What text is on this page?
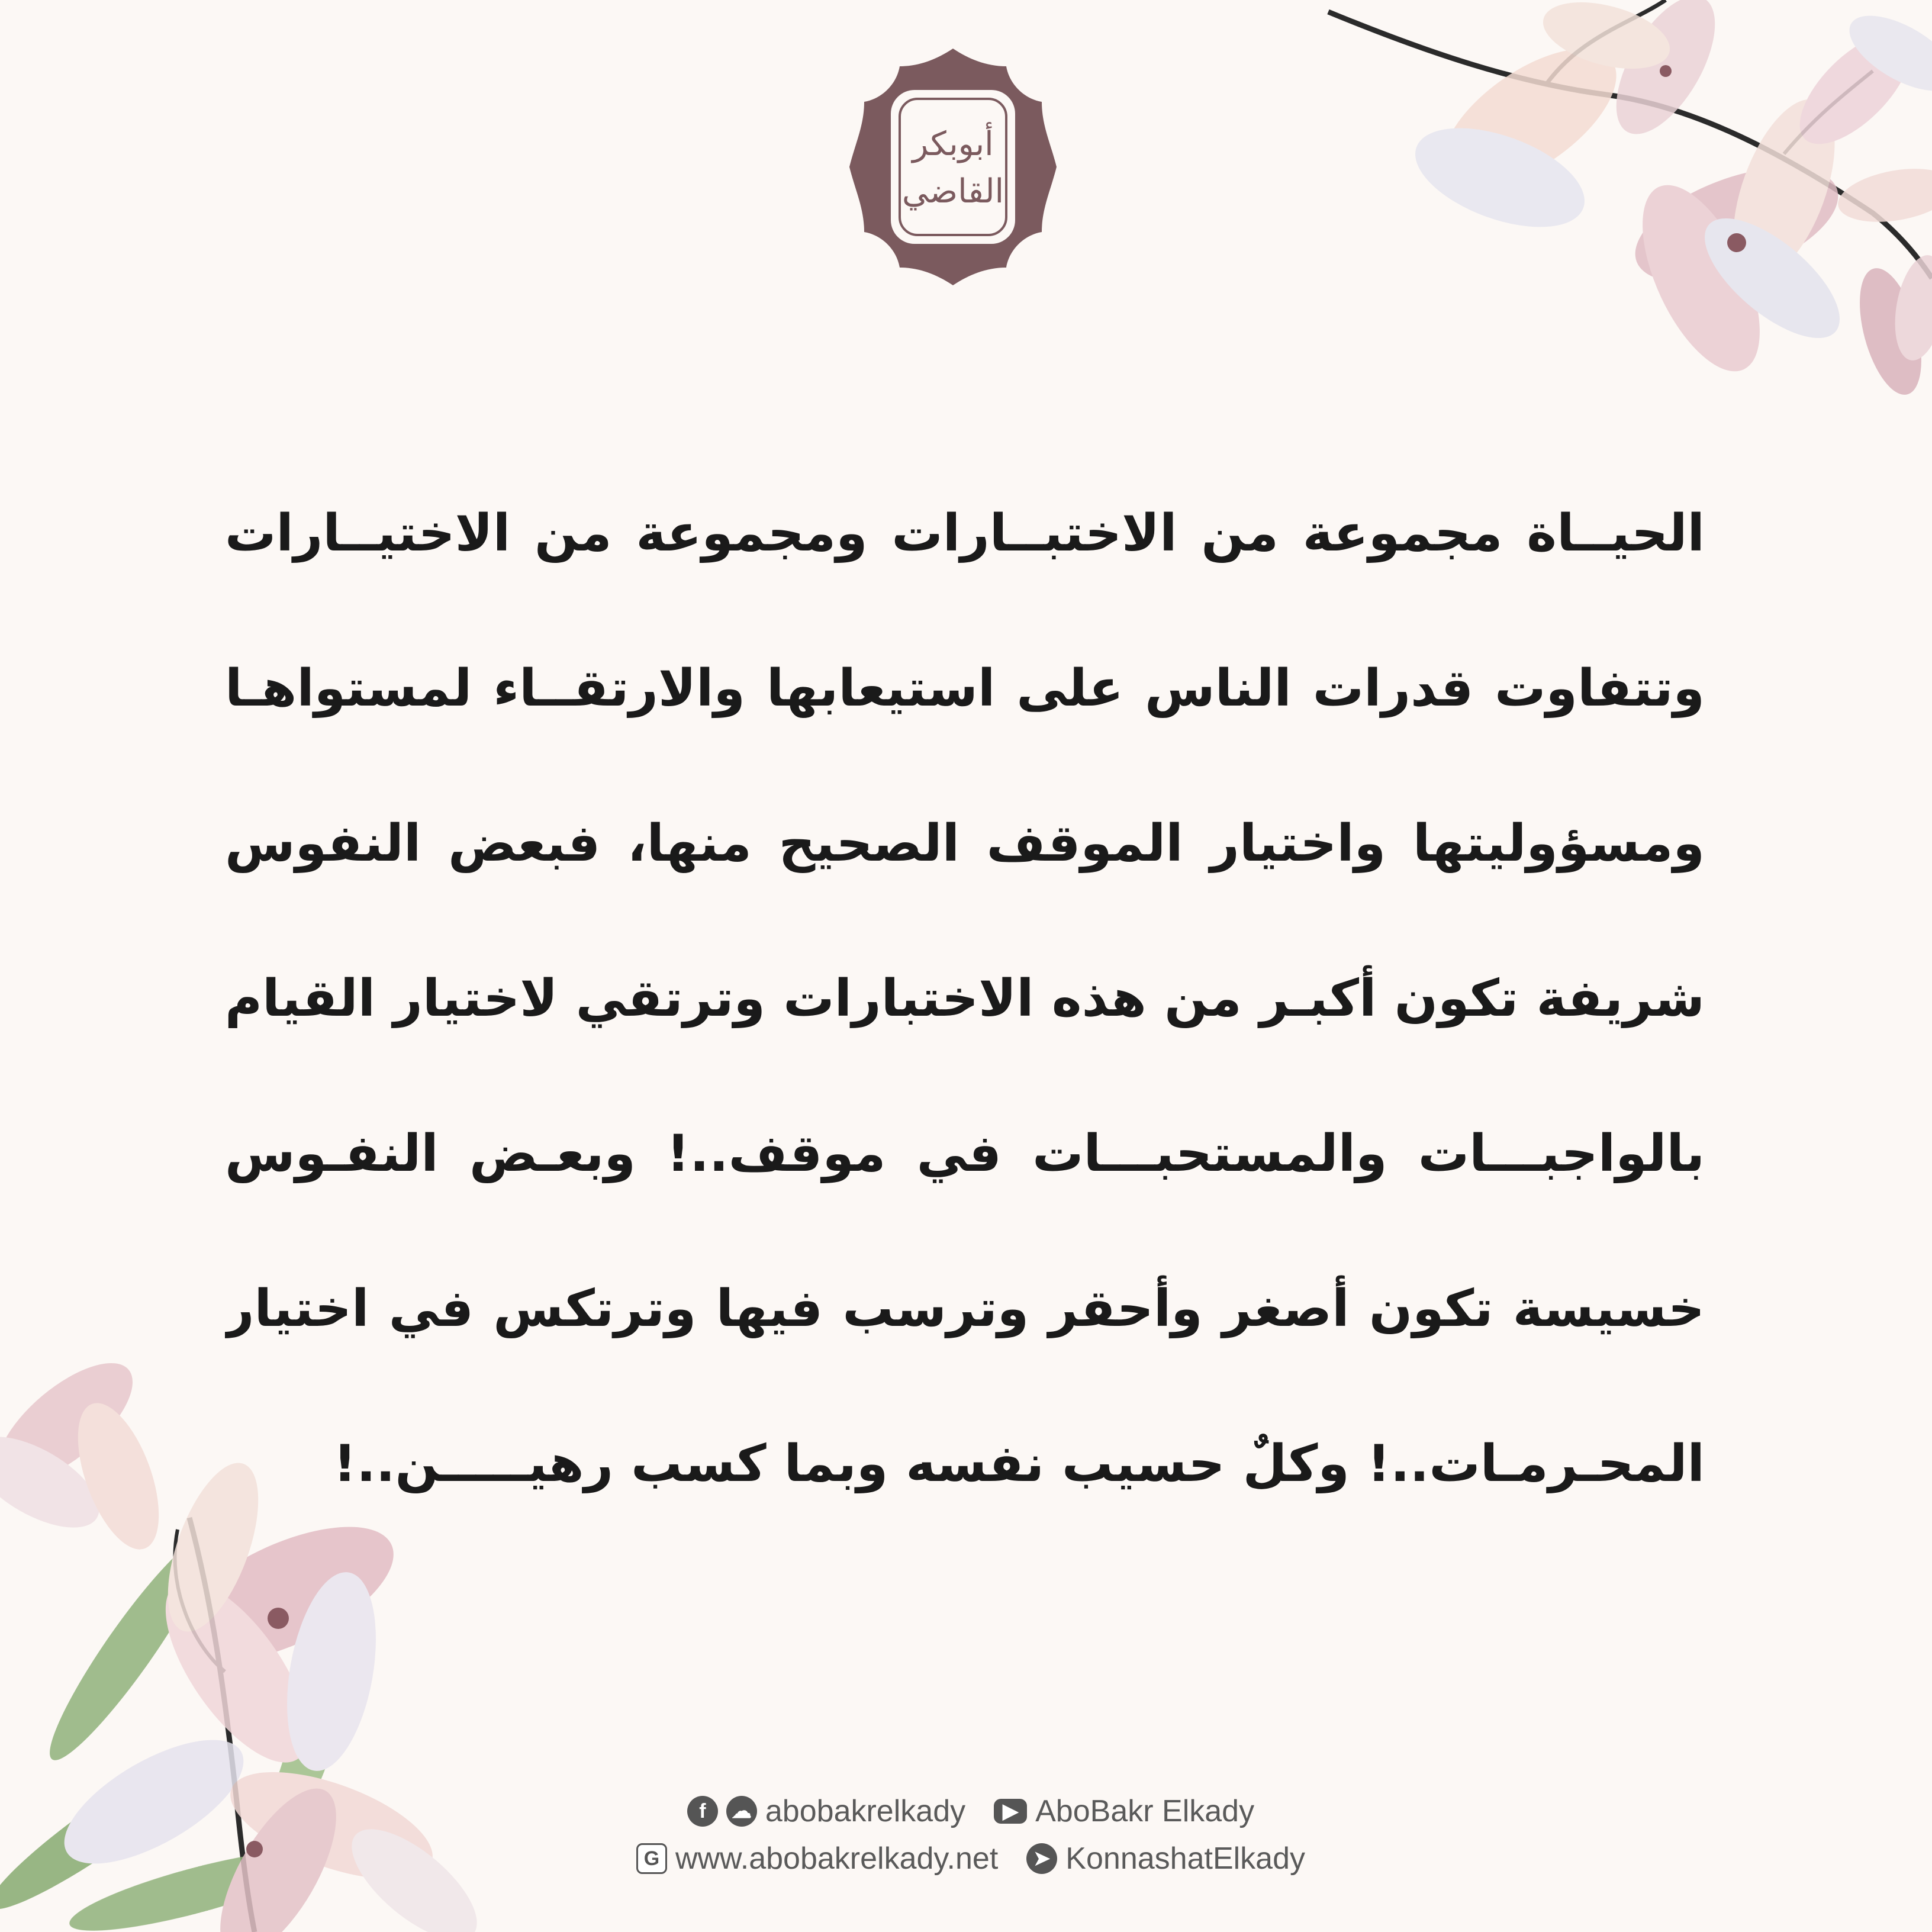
أبوبكر
القاضي
الحيــاة مجموعة من الاختبــارات ومجموعة من الاختيــارات
وتتفاوت قدرات الناس على استيعابها والارتقــاء لمستواهـا
ومسؤوليتها واختيار الموقف الصحيح منها، فبعض النفوس
شريفة تكون أكبـر من هذه الاختبارات وترتقي لاختيار القيام
بالواجبـــات والمستحبـــات في موقف..! وبعـض النفـوس
خسيسة تكون أصغر وأحقر وترسب فيها وترتكس في اختيار
المحـرمـات..! وكلٌ حسيب نفسه وبما كسب رهيـــــن..!
f	☁ abobakrelkady	▶ AboBakr Elkady
G www.abobakrelkady.net	➤ KonnashatElkady
